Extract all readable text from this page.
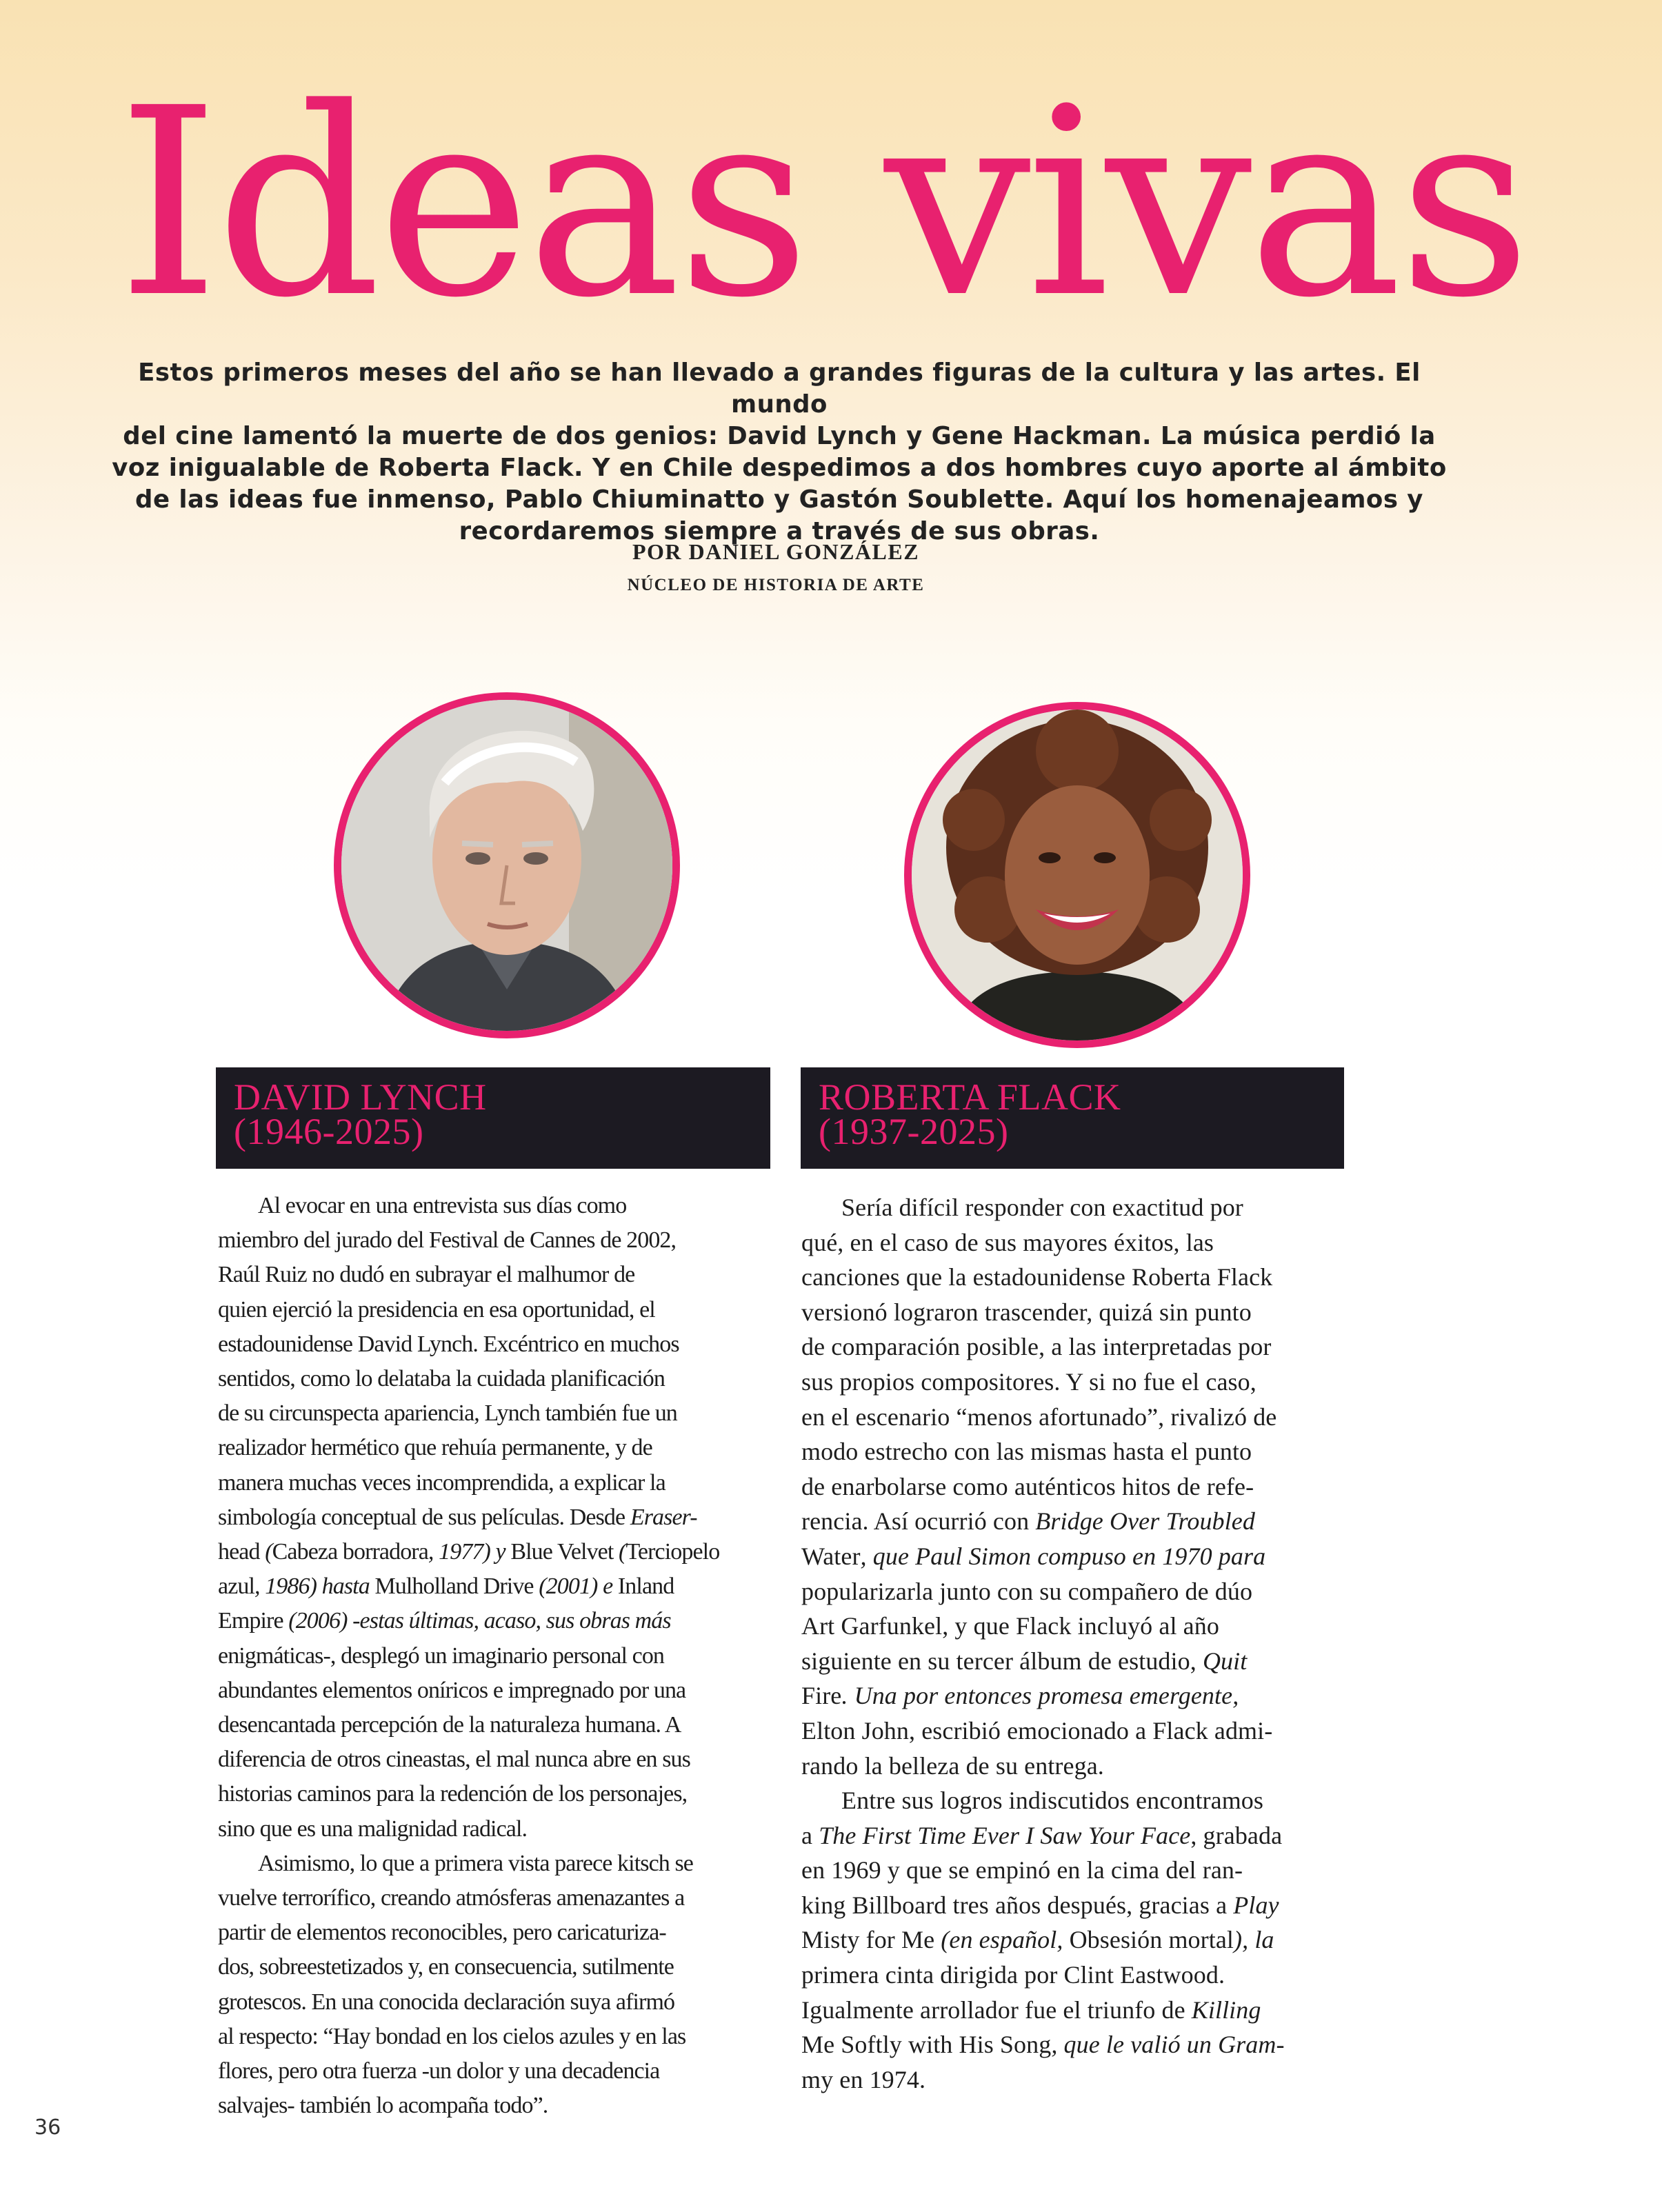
Ideas vivas
Estos primeros meses del año se han llevado a grandes figuras de la cultura y las artes. El mundo
del cine lamentó la muerte de dos genios: David Lynch y Gene Hackman. La música perdió la
voz inigualable de Roberta Flack. Y en Chile despedimos a dos hombres cuyo aporte al ámbito
de las ideas fue inmenso, Pablo Chiuminatto y Gastón Soublette. Aquí los homenajeamos y
recordaremos siempre a través de sus obras.
POR DANIEL GONZÁLEZ
NÚCLEO DE HISTORIA DE ARTE
DAVID LYNCH
(1946-2025)
ROBERTA FLACK
(1937-2025)

Al evocar en una entrevista sus días como

miembro del jurado del Festival de Cannes de 2002,

Raúl Ruiz no dudó en subrayar el malhumor de

quien ejerció la presidencia en esa oportunidad, el

estadounidense David Lynch. Excéntrico en muchos

sentidos, como lo delataba la cuidada planificación

de su circunspecta apariencia, Lynch también fue un

realizador hermético que rehuía permanente, y de

manera muchas veces incomprendida, a explicar la

simbología conceptual de sus películas. Desde Eraser-

head (Cabeza borradora, 1977) y Blue Velvet (Terciopelo

azul, 1986) hasta Mulholland Drive (2001) e Inland

Empire (2006) -estas últimas, acaso, sus obras más

enigmáticas-, desplegó un imaginario personal con

abundantes elementos oníricos e impregnado por una

desencantada percepción de la naturaleza humana. A

diferencia de otros cineastas, el mal nunca abre en sus

historias caminos para la redención de los personajes,

sino que es una malignidad radical.

Asimismo, lo que a primera vista parece kitsch se

vuelve terrorífico, creando atmósferas amenazantes a

partir de elementos reconocibles, pero caricaturiza-

dos, sobreestetizados y, en consecuencia, sutilmente

grotescos. En una conocida declaración suya afirmó

al respecto: “Hay bondad en los cielos azules y en las

flores, pero otra fuerza -un dolor y una decadencia

salvajes- también lo acompaña todo”.

Sería difícil responder con exactitud por

qué, en el caso de sus mayores éxitos, las

canciones que la estadounidense Roberta Flack

versionó lograron trascender, quizá sin punto

de comparación posible, a las interpretadas por

sus propios compositores. Y si no fue el caso,

en el escenario “menos afortunado”, rivalizó de

modo estrecho con las mismas hasta el punto

de enarbolarse como auténticos hitos de refe-

rencia. Así ocurrió con Bridge Over Troubled

Water, que Paul Simon compuso en 1970 para

popularizarla junto con su compañero de dúo

Art Garfunkel, y que Flack incluyó al año

siguiente en su tercer álbum de estudio, Quit

Fire. Una por entonces promesa emergente,

Elton John, escribió emocionado a Flack admi-

rando la belleza de su entrega.

Entre sus logros indiscutidos encontramos

a The First Time Ever I Saw Your Face, grabada

en 1969 y que se empinó en la cima del ran-

king Billboard tres años después, gracias a Play

Misty for Me (en español, Obsesión mortal), la

primera cinta dirigida por Clint Eastwood.

Igualmente arrollador fue el triunfo de Killing

Me Softly with His Song, que le valió un Gram-

my en 1974.

36
